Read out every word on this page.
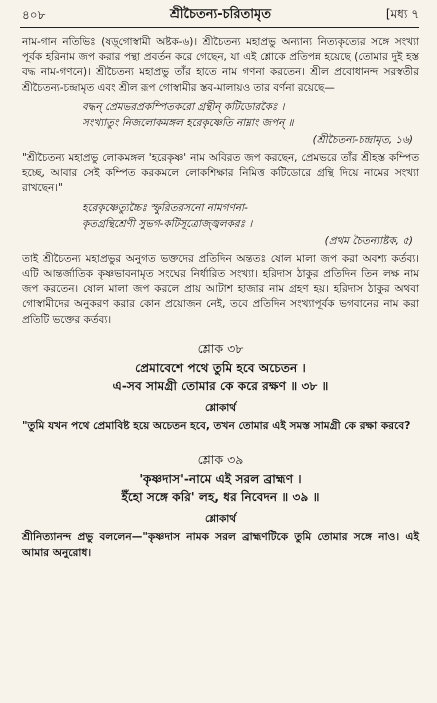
৪০৮	শ্রীচৈতন্য-চরিতামৃত	[মধ্য ৭

নাম-গান নতিভিঃ (ষড়্‌গোস্বামী অষ্টক-৬)। শ্রীচৈতন্য মহাপ্রভু অন্যান্য নিত্যকৃত্যের সঙ্গে সংখ্যা পূর্বক হরিনাম জপ করার পন্থা প্রবর্তন করে গেছেন, যা এই শ্লোকে প্রতিপন্ন হয়েছে (তোমার দুই হস্ত বদ্ধ নাম-গণনে)। শ্রীচৈতন্য মহাপ্রভু তাঁর হাতে নাম গণনা করতেন। শ্রীল প্রবোধানন্দ সরস্বতীর শ্রীচৈতন্য-চন্দ্রামৃত এবং শ্রীল রূপ গোস্বামীর স্তব-মালায়ও তার বর্ণনা রয়েছে—

বদ্ধন্ প্রেমভরপ্রকম্পিতকরো গ্রন্থীন্ কটিডোরকৈঃ ।
সংখ্যাতুং নিজলোকমঙ্গল হরেকৃষ্ণেতি নাম্নাং জপন্ ॥
(শ্রীচৈতন্য-চন্দ্রামৃত, ১৬)

"শ্রীচৈতন্য মহাপ্রভু লোকমঙ্গল 'হরেকৃষ্ণ' নাম অবিরত জপ করছেন, প্রেমভরে তাঁর শ্রীহস্ত কম্পিত হচ্ছে, আবার সেই কম্পিত করকমলে লোকশিক্ষার নিমিত্ত কটিডোরে গ্রন্থি দিয়ে নামের সংখ্যা রাখছেন।"

হরেকৃষ্ণেত্যুচ্চৈঃ স্ফুরিতরসনো নামগণনা-
কৃতগ্রন্থিশ্রেণী সুভগ-কটিসূত্রোজ্জ্বলকরঃ ।
(প্রথম চৈতন্যাষ্টক, ৫)

তাই শ্রীচৈতন্য মহাপ্রভুর অনুগত ভক্তদের প্রতিদিন অন্ততঃ ষোল মালা জপ করা অবশ্য কর্তব্য। এটি আন্তর্জাতিক কৃষ্ণভাবনামৃত সংঘের নির্ধারিত সংখ্যা। হরিদাস ঠাকুর প্রতিদিন তিন লক্ষ নাম জপ করতেন। ষোল মালা জপ করলে প্রায় আটাশ হাজার নাম গ্রহণ হয়। হরিদাস ঠাকুর অথবা গোস্বামীদের অনুকরণ করার কোন প্রয়োজন নেই, তবে প্রতিদিন সংখ্যাপূর্বক ভগবানের নাম করা প্রতিটি ভক্তের কর্তব্য।

শ্লোক ৩৮
প্রেমাবেশে পথে তুমি হবে অচেতন ।
এ-সব সামগ্রী তোমার কে করে রক্ষণ ॥ ৩৮ ॥
শ্লোকার্থ

"তুমি যখন পথে প্রেমাবিষ্ট হয়ে অচেতন হবে, তখন তোমার এই সমস্ত সামগ্রী কে রক্ষা করবে?

শ্লোক ৩৯
'কৃষ্ণদাস'-নামে এই সরল ব্রাহ্মণ ।
ইঁহো সঙ্গে করি' লহ, ধর নিবেদন ॥ ৩৯ ॥
শ্লোকার্থ

শ্রীনিত্যানন্দ প্রভু বললেন—"কৃষ্ণদাস নামক সরল ব্রাহ্মণটিকে তুমি তোমার সঙ্গে নাও। এই আমার অনুরোধ।
